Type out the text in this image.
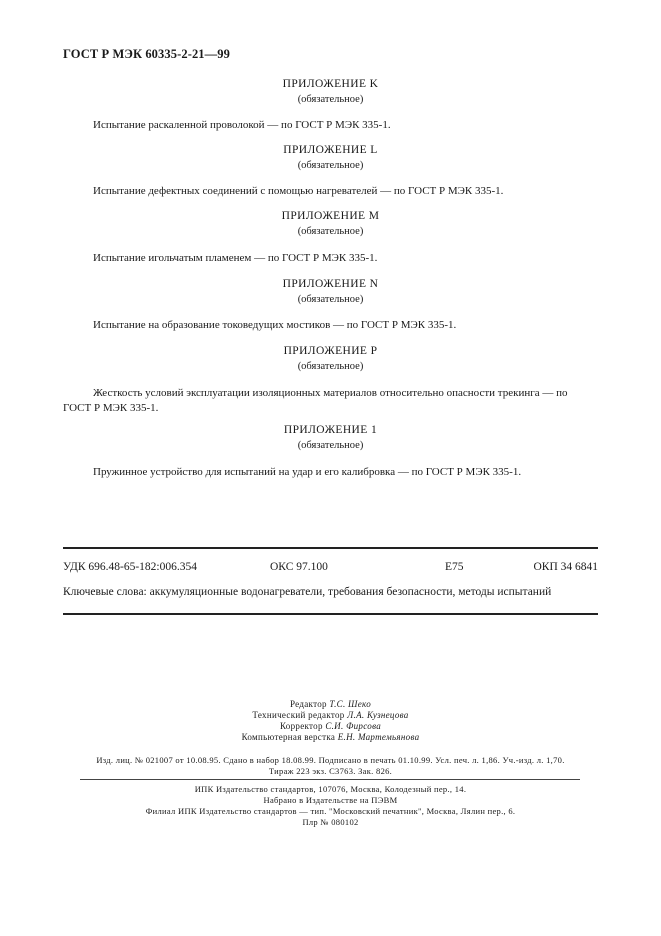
ГОСТ Р МЭК 60335-2-21—99
ПРИЛОЖЕНИЕ K
(обязательное)
Испытание раскаленной проволокой — по ГОСТ Р МЭК 335-1.
ПРИЛОЖЕНИЕ L
(обязательное)
Испытание дефектных соединений с помощью нагревателей — по ГОСТ Р МЭК 335-1.
ПРИЛОЖЕНИЕ M
(обязательное)
Испытание игольчатым пламенем — по ГОСТ Р МЭК 335-1.
ПРИЛОЖЕНИЕ N
(обязательное)
Испытание на образование токоведущих мостиков — по ГОСТ Р МЭК 335-1.
ПРИЛОЖЕНИЕ P
(обязательное)
Жесткость условий эксплуатации изоляционных материалов относительно опасности трекинга — по
ГОСТ Р МЭК 335-1.
ПРИЛОЖЕНИЕ 1
(обязательное)
Пружинное устройство для испытаний на удар и его калибровка — по ГОСТ Р МЭК 335-1.
УДК 696.48-65-182:006.354	ОКС 97.100	Е75	ОКП 34 6841
Ключевые слова: аккумуляционные водонагреватели, требования безопасности, методы испытаний
Редактор Т.С. Шеко
Технический редактор Л.А. Кузнецова
Корректор С.И. Фирсова
Компьютерная верстка Е.Н. Мартемьянова
Изд. лиц. № 021007 от 10.08.95. Сдано в набор 18.08.99. Подписано в печать 01.10.99. Усл. печ. л. 1,86. Уч.-изд. л. 1,70.
Тираж 223 экз. С3763. Зак. 826.
ИПК Издательство стандартов, 107076, Москва, Колодезный пер., 14.
Набрано в Издательстве на ПЭВМ
Филиал ИПК Издательство стандартов — тип. "Московский печатник", Москва, Лялин пер., 6.
Плр № 080102
